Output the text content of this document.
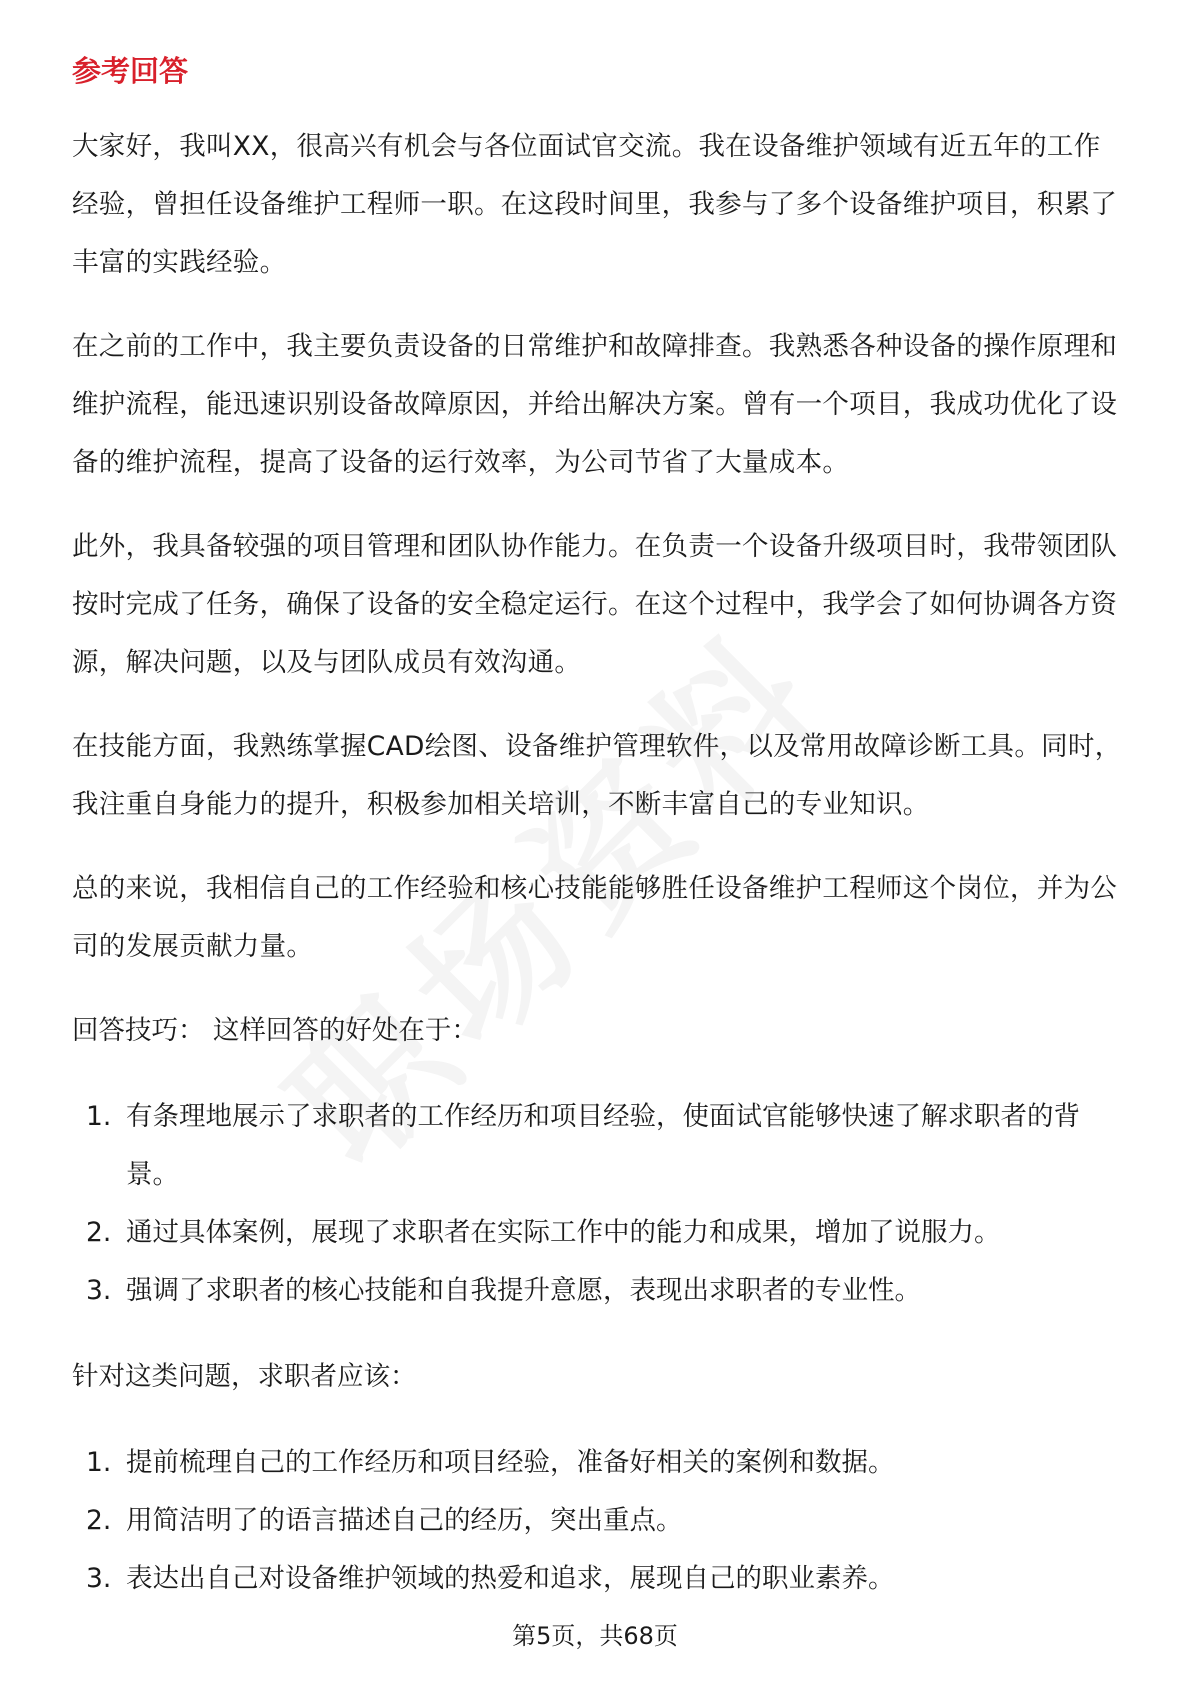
参考回答

大家好，我叫XX，很高兴有机会与各位面试官交流。我在设备维护领域有近五年的工作经验，曾担任设备维护工程师一职。在这段时间里，我参与了多个设备维护项目，积累了丰富的实践经验。

在之前的工作中，我主要负责设备的日常维护和故障排查。我熟悉各种设备的操作原理和维护流程，能迅速识别设备故障原因，并给出解决方案。曾有一个项目，我成功优化了设备的维护流程，提高了设备的运行效率，为公司节省了大量成本。

此外，我具备较强的项目管理和团队协作能力。在负责一个设备升级项目时，我带领团队按时完成了任务，确保了设备的安全稳定运行。在这个过程中，我学会了如何协调各方资源，解决问题，以及与团队成员有效沟通。

在技能方面，我熟练掌握CAD绘图、设备维护管理软件，以及常用故障诊断工具。同时，我注重自身能力的提升，积极参加相关培训，不断丰富自己的专业知识。

总的来说，我相信自己的工作经验和核心技能能够胜任设备维护工程师这个岗位，并为公司的发展贡献力量。

回答技巧： 这样回答的好处在于：

1. 有条理地展示了求职者的工作经历和项目经验，使面试官能够快速了解求职者的背景。
2. 通过具体案例，展现了求职者在实际工作中的能力和成果，增加了说服力。
3. 强调了求职者的核心技能和自我提升意愿，表现出求职者的专业性。

针对这类问题，求职者应该：

1. 提前梳理自己的工作经历和项目经验，准备好相关的案例和数据。
2. 用简洁明了的语言描述自己的经历，突出重点。
3. 表达出自己对设备维护领域的热爱和追求，展现自己的职业素养。
第5页，共68页
